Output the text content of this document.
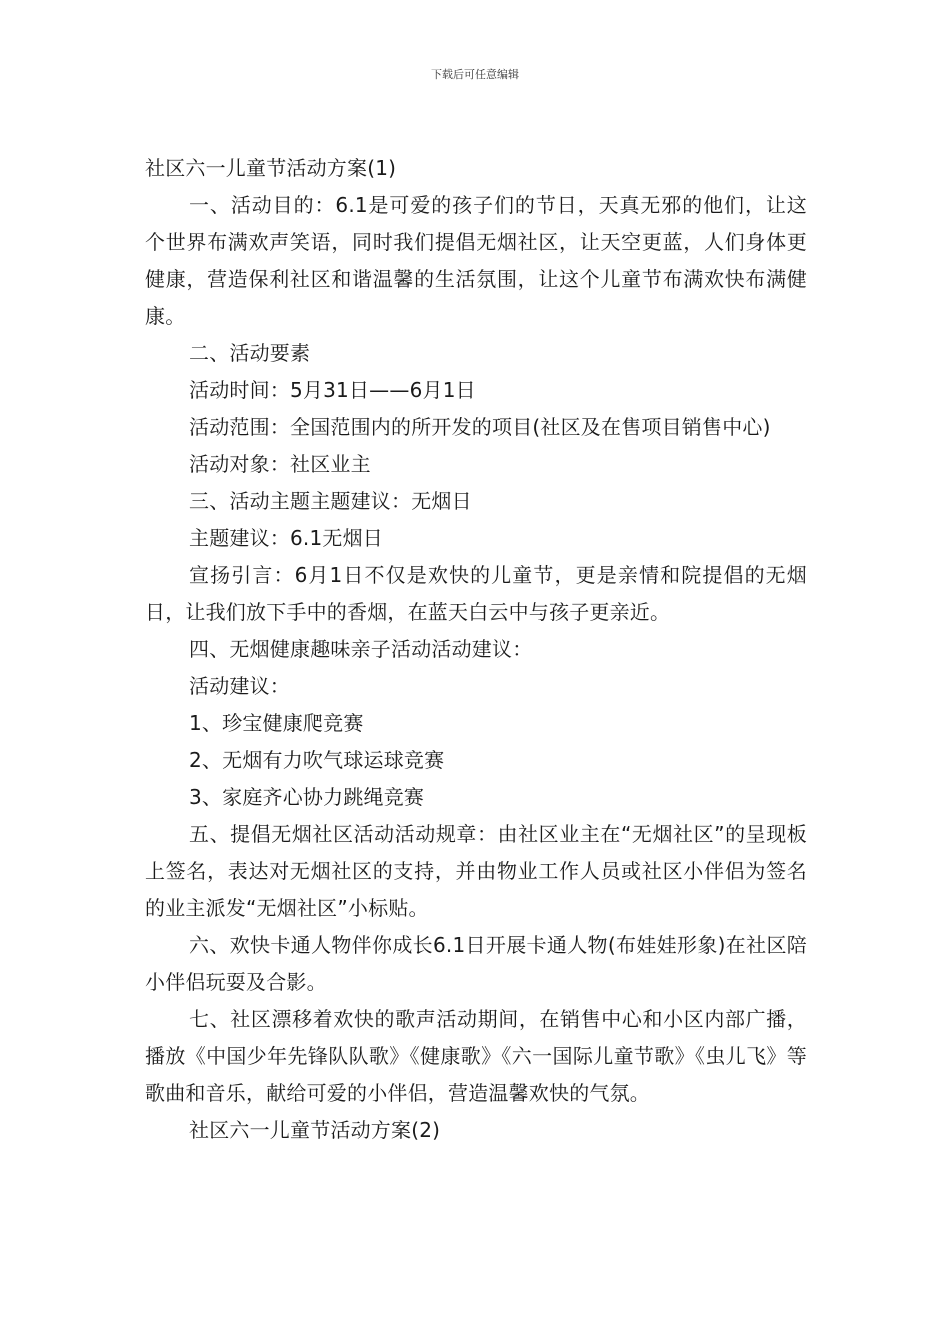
下载后可任意编辑

社区六一儿童节活动方案(1)

一、活动目的：6.1是可爱的孩子们的节日，天真无邪的他们，让这个世界布满欢声笑语，同时我们提倡无烟社区，让天空更蓝，人们身体更健康，营造保利社区和谐温馨的生活氛围，让这个儿童节布满欢快布满健康。

二、活动要素

活动时间：5月31日——6月1日

活动范围：全国范围内的所开发的项目(社区及在售项目销售中心)

活动对象：社区业主

三、活动主题主题建议：无烟日

主题建议：6.1无烟日

宣扬引言：6月1日不仅是欢快的儿童节，更是亲情和院提倡的无烟日，让我们放下手中的香烟，在蓝天白云中与孩子更亲近。

四、无烟健康趣味亲子活动活动建议：

活动建议：

1、珍宝健康爬竞赛

2、无烟有力吹气球运球竞赛

3、家庭齐心协力跳绳竞赛

五、提倡无烟社区活动活动规章：由社区业主在“无烟社区”的呈现板上签名，表达对无烟社区的支持，并由物业工作人员或社区小伴侣为签名的业主派发“无烟社区”小标贴。

六、欢快卡通人物伴你成长6.1日开展卡通人物(布娃娃形象)在社区陪小伴侣玩耍及合影。

七、社区漂移着欢快的歌声活动期间，在销售中心和小区内部广播，播放《中国少年先锋队队歌》《健康歌》《六一国际儿童节歌》《虫儿飞》等歌曲和音乐，献给可爱的小伴侣，营造温馨欢快的气氛。

社区六一儿童节活动方案(2)
